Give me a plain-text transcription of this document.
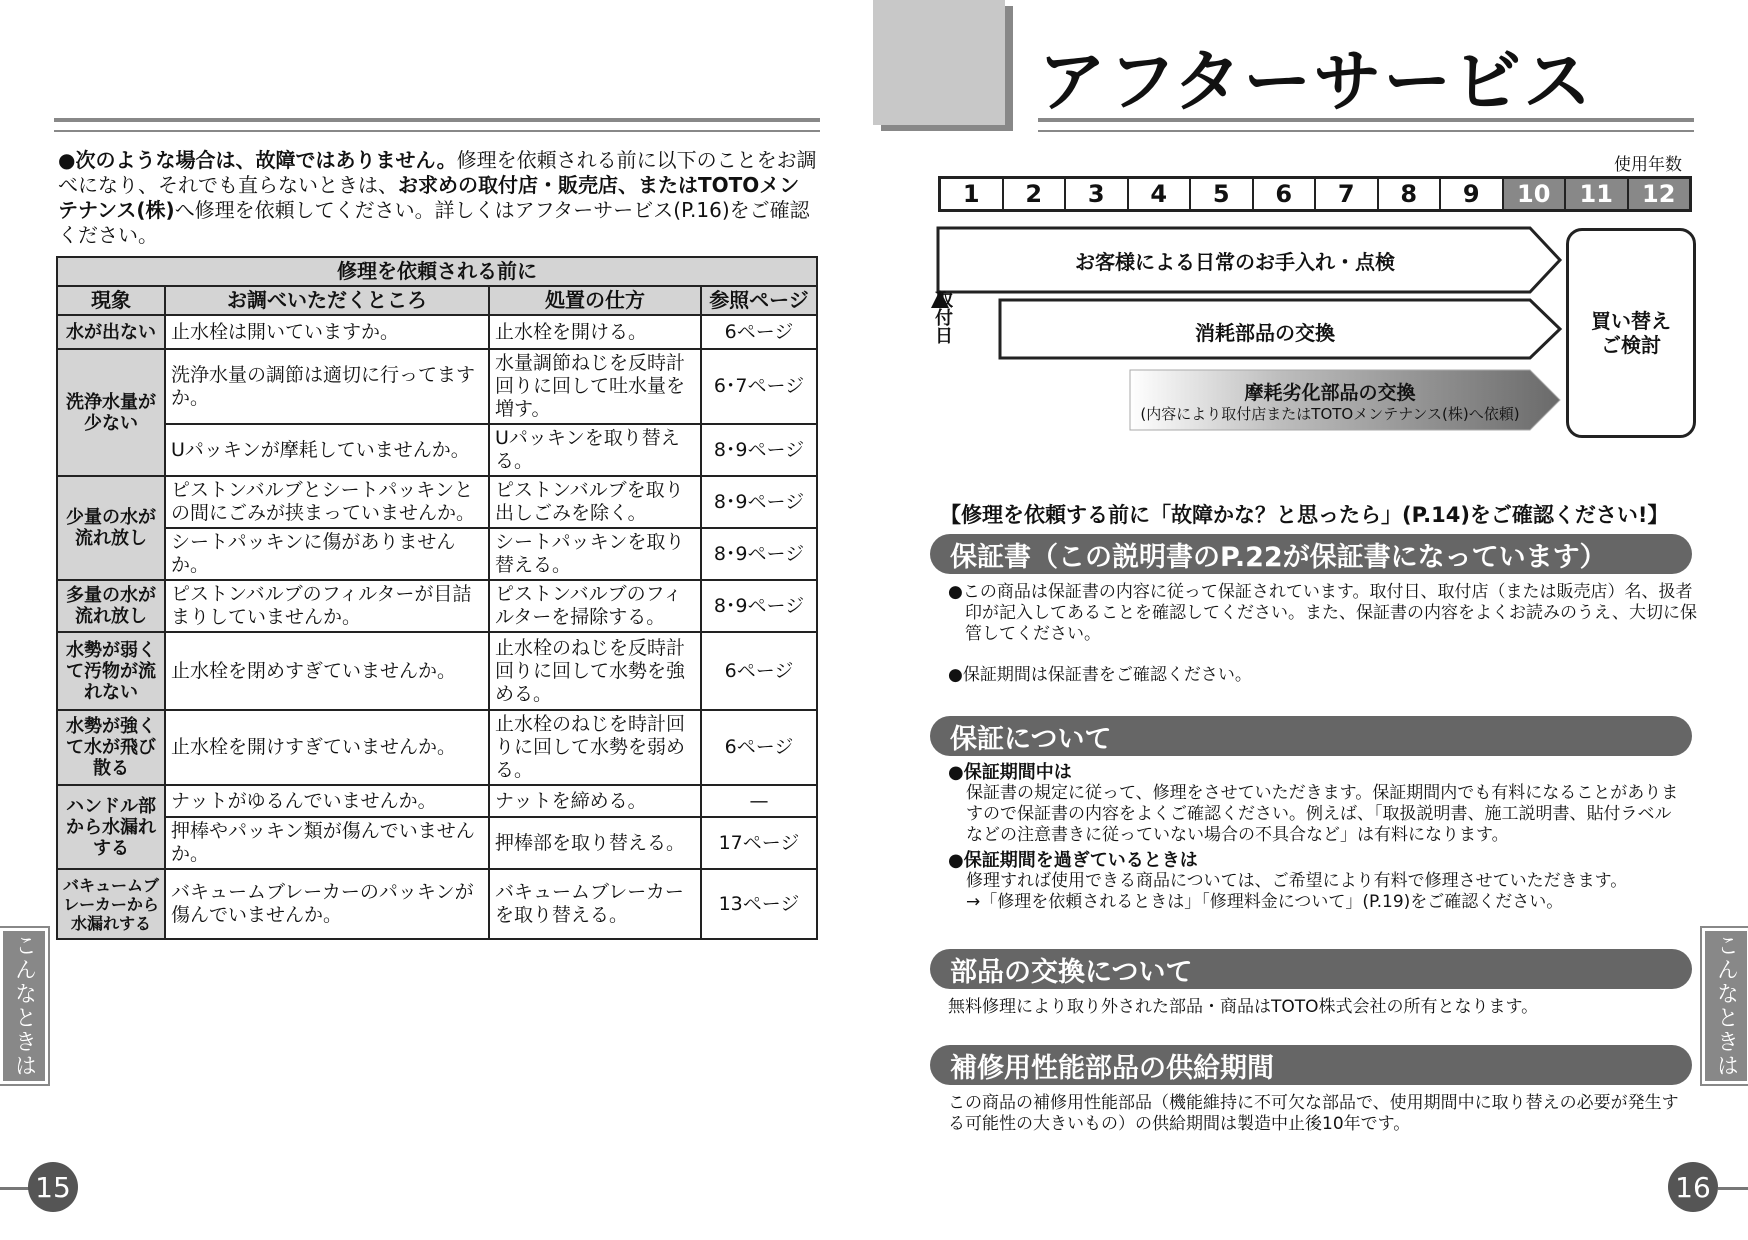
●次のような場合は、故障ではありません。修理を依頼される前に以下のことをお調べになり、それでも直らないときは、お求めの取付店・販売店、またはTOTOメンテナンス(株)へ修理を依頼してください。詳しくはアフターサービス(P.16)をご確認ください。
修理を依頼される前に			
現象	お調べいただくところ	処置の仕方	参照ページ
水が出ない	止水栓は開いていますか。	止水栓を開ける。	6ページ
洗浄水量が少ない	洗浄水量の調節は適切に行ってますか。	水量調節ねじを反時計回りに回して吐水量を増す。	6･7ページ
	Uパッキンが摩耗していませんか。	Uパッキンを取り替える。	8･9ページ
少量の水が流れ放し	ピストンバルブとシートパッキンとの間にごみが挟まっていませんか。	ピストンバルブを取り出しごみを除く。	8･9ページ
	シートパッキンに傷がありませんか。	シートパッキンを取り替える。	8･9ページ
多量の水が流れ放し	ピストンバルブのフィルターが目詰まりしていませんか。	ピストンバルブのフィルターを掃除する。	8･9ページ
水勢が弱くて汚物が流れない	止水栓を閉めすぎていませんか。	止水栓のねじを反時計回りに回して水勢を強める。	6ページ
水勢が強くて水が飛び散る	止水栓を開けすぎていませんか。	止水栓のねじを時計回りに回して水勢を弱める。	6ページ
ハンドル部から水漏れする	ナットがゆるんでいませんか。	ナットを締める。	—
	押棒やパッキン類が傷んでいませんか。	押棒部を取り替える。	17ページ
バキュームブレーカーから水漏れする	バキュームブレーカーのパッキンが傷んでいませんか。	バキュームブレーカーを取り替える。	13ページ
こんなときは
15
アフターサービス
使用年数
1	2	3	4	5	6	7	8	9	10	11	12
お客様による日常のお手入れ・点検
消耗部品の交換
摩耗劣化部品の交換
(内容により取付店またはTOTOメンテナンス(株)へ依頼)
取付日	買い替え
ご検討
【修理を依頼する前に「故障かな？と思ったら」(P.14)をご確認ください!】
保証書（この説明書のP.22が保証書になっています）
●この商品は保証書の内容に従って保証されています。取付日、取付店（または販売店）名、扱者印が記入してあることを確認してください。また、保証書の内容をよくお読みのうえ、大切に保管してください。
●保証期間は保証書をご確認ください。
保証について
●保証期間中は
保証書の規定に従って、修理をさせていただきます。保証期間内でも有料になることがありますので保証書の内容をよくご確認ください。例えば、「取扱説明書、施工説明書、貼付ラベルなどの注意書きに従っていない場合の不具合など」は有料になります。
●保証期間を過ぎているときは
修理すれば使用できる商品については、ご希望により有料で修理させていただきます。
→「修理を依頼されるときは」「修理料金について」(P.19)をご確認ください。
部品の交換について
無料修理により取り外された部品・商品はTOTO株式会社の所有となります。
補修用性能部品の供給期間
この商品の補修用性能部品（機能維持に不可欠な部品で、使用期間中に取り替えの必要が発生する可能性の大きいもの）の供給期間は製造中止後10年です。
こんなときは
16
